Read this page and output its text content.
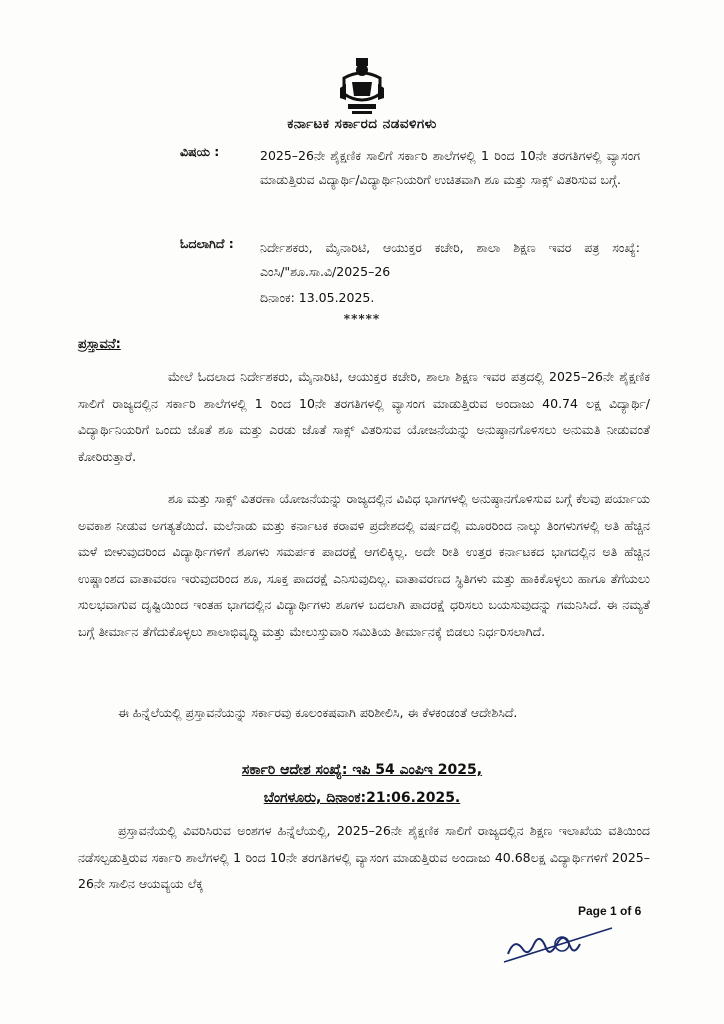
ಕರ್ನಾಟಕ ಸರ್ಕಾರದ ನಡವಳಿಗಳು
ವಿಷಯ :	2025–26ನೇ ಶೈಕ್ಷಣಿಕ ಸಾಲಿಗೆ ಸರ್ಕಾರಿ ಶಾಲೆಗಳಲ್ಲಿ 1 ರಿಂದ 10ನೇ ತರಗತಿಗಳಲ್ಲಿ ವ್ಯಾಸಂಗ ಮಾಡುತ್ತಿರುವ ವಿದ್ಯಾರ್ಥಿ/ವಿದ್ಯಾರ್ಥಿನಿಯರಿಗೆ ಉಚಿತವಾಗಿ ಶೂ ಮತ್ತು ಸಾಕ್ಸ್ ವಿತರಿಸುವ ಬಗ್ಗೆ.
ಓದಲಾಗಿದೆ :	ನಿರ್ದೇಶಕರು, ಮೈನಾರಿಟಿ, ಆಯುಕ್ತರ ಕಚೇರಿ, ಶಾಲಾ ಶಿಕ್ಷಣ ಇವರ ಪತ್ರ ಸಂಖ್ಯೆ: ಎಂಸಿ/"ಶೂ.ಸಾ.ವಿ/2025–26
ದಿನಾಂಕ: 13.05.2025.
*****
ಪ್ರಸ್ತಾವನೆ:
ಮೇಲೆ ಓದಲಾದ ನಿರ್ದೇಶಕರು, ಮೈನಾರಿಟಿ, ಆಯುಕ್ತರ ಕಚೇರಿ, ಶಾಲಾ ಶಿಕ್ಷಣ ಇವರ ಪತ್ರದಲ್ಲಿ 2025–26ನೇ ಶೈಕ್ಷಣಿಕ ಸಾಲಿಗೆ ರಾಜ್ಯದಲ್ಲಿನ ಸರ್ಕಾರಿ ಶಾಲೆಗಳಲ್ಲಿ 1 ರಿಂದ 10ನೇ ತರಗತಿಗಳಲ್ಲಿ ವ್ಯಾಸಂಗ ಮಾಡುತ್ತಿರುವ ಅಂದಾಜು 40.74 ಲಕ್ಷ ವಿದ್ಯಾರ್ಥಿ/ವಿದ್ಯಾರ್ಥಿನಿಯರಿಗೆ ಒಂದು ಜೊತೆ ಶೂ ಮತ್ತು ಎರಡು ಜೊತೆ ಸಾಕ್ಸ್ ವಿತರಿಸುವ ಯೋಜನೆಯನ್ನು ಅನುಷ್ಠಾನಗೊಳಿಸಲು ಅನುಮತಿ ನೀಡುವಂತೆ ಕೋರಿರುತ್ತಾರೆ.
ಶೂ ಮತ್ತು ಸಾಕ್ಸ್ ವಿತರಣಾ ಯೋಜನೆಯನ್ನು ರಾಜ್ಯದಲ್ಲಿನ ವಿವಿಧ ಭಾಗಗಳಲ್ಲಿ ಅನುಷ್ಠಾನಗೊಳಿಸುವ ಬಗ್ಗೆ ಕೆಲವು ಪರ್ಯಾಯ ಅವಕಾಶ ನೀಡುವ ಅಗತ್ಯತೆಯಿದೆ. ಮಲೆನಾಡು ಮತ್ತು ಕರ್ನಾಟಕ ಕರಾವಳಿ ಪ್ರದೇಶದಲ್ಲಿ ವರ್ಷದಲ್ಲಿ ಮೂರರಿಂದ ನಾಲ್ಕು ತಿಂಗಳುಗಳಲ್ಲಿ ಅತಿ ಹೆಚ್ಚಿನ ಮಳೆ ಬೀಳುವುದರಿಂದ ವಿದ್ಯಾರ್ಥಿಗಳಿಗೆ ಶೂಗಳು ಸಮರ್ಪಕ ಪಾದರಕ್ಷೆ ಆಗಲಿಕ್ಕಿಲ್ಲ. ಅದೇ ರೀತಿ ಉತ್ತರ ಕರ್ನಾಟಕದ ಭಾಗದಲ್ಲಿನ ಅತಿ ಹೆಚ್ಚಿನ ಉಷ್ಣಾಂಶದ ವಾತಾವರಣ ಇರುವುದರಿಂದ ಶೂ, ಸೂಕ್ತ ಪಾದರಕ್ಷೆ ಎನಿಸುವುದಿಲ್ಲ. ವಾತಾವರಣದ ಸ್ಥಿತಿಗಳು ಮತ್ತು ಹಾಕಿಕೊಳ್ಳಲು ಹಾಗೂ ತೆಗೆಯಲು ಸುಲಭವಾಗುವ ದೃಷ್ಟಿಯಿಂದ ಇಂತಹ ಭಾಗದಲ್ಲಿನ ವಿದ್ಯಾರ್ಥಿಗಳು ಶೂಗಳ ಬದಲಾಗಿ ಪಾದರಕ್ಷೆ ಧರಿಸಲು ಬಯಸುವುದನ್ನು ಗಮನಿಸಿದೆ. ಈ ನಮ್ಯತೆ ಬಗ್ಗೆ ತೀರ್ಮಾನ ತೆಗೆದುಕೊಳ್ಳಲು ಶಾಲಾಭಿವೃದ್ಧಿ ಮತ್ತು ಮೇಲುಸ್ತುವಾರಿ ಸಮಿತಿಯ ತೀರ್ಮಾನಕ್ಕೆ ಬಿಡಲು ನಿರ್ಧರಿಸಲಾಗಿದೆ.
ಈ ಹಿನ್ನೆಲೆಯಲ್ಲಿ ಪ್ರಸ್ತಾವನೆಯನ್ನು ಸರ್ಕಾರವು ಕೂಲಂಕಷವಾಗಿ ಪರಿಶೀಲಿಸಿ, ಈ ಕೆಳಕಂಡಂತೆ ಆದೇಶಿಸಿದೆ.
ಸರ್ಕಾರಿ ಆದೇಶ ಸಂಖ್ಯೆ: ಇಪಿ 54 ಎಂಪಿಇ 2025,
ಬೆಂಗಳೂರು, ದಿನಾಂಕ:21:06.2025.
ಪ್ರಸ್ತಾವನೆಯಲ್ಲಿ ವಿವರಿಸಿರುವ ಅಂಶಗಳ ಹಿನ್ನೆಲೆಯಲ್ಲಿ, 2025–26ನೇ ಶೈಕ್ಷಣಿಕ ಸಾಲಿಗೆ ರಾಜ್ಯದಲ್ಲಿನ ಶಿಕ್ಷಣ ಇಲಾಖೆಯ ವತಿಯಿಂದ ನಡೆಸಲ್ಪಡುತ್ತಿರುವ ಸರ್ಕಾರಿ ಶಾಲೆಗಳಲ್ಲಿ 1 ರಿಂದ 10ನೇ ತರಗತಿಗಳಲ್ಲಿ ವ್ಯಾಸಂಗ ಮಾಡುತ್ತಿರುವ ಅಂದಾಜು 40.68ಲಕ್ಷ ವಿದ್ಯಾರ್ಥಿಗಳಿಗೆ 2025–26ನೇ ಸಾಲಿನ ಆಯವ್ಯಯ ಲೆಕ್ಕ
Page 1 of 6
